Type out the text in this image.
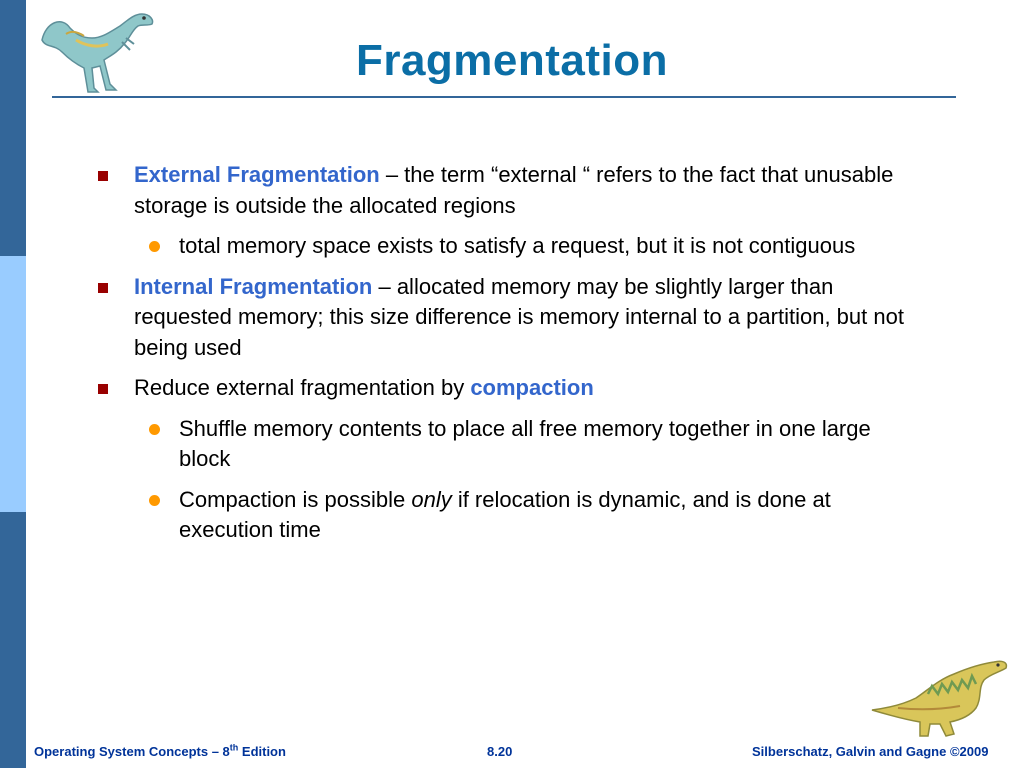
Fragmentation
External Fragmentation – the term “external “ refers to the fact that unusable storage is outside the allocated regions
total memory space exists to satisfy a request, but it is not contiguous
Internal Fragmentation – allocated memory may be slightly larger than requested memory; this size difference is memory internal to a partition, but not being used
Reduce external fragmentation by compaction
Shuffle memory contents to place all free memory together in one large block
Compaction is possible only if relocation is dynamic, and is done at execution time
Operating System Concepts – 8th Edition	8.20	Silberschatz, Galvin and Gagne ©2009
